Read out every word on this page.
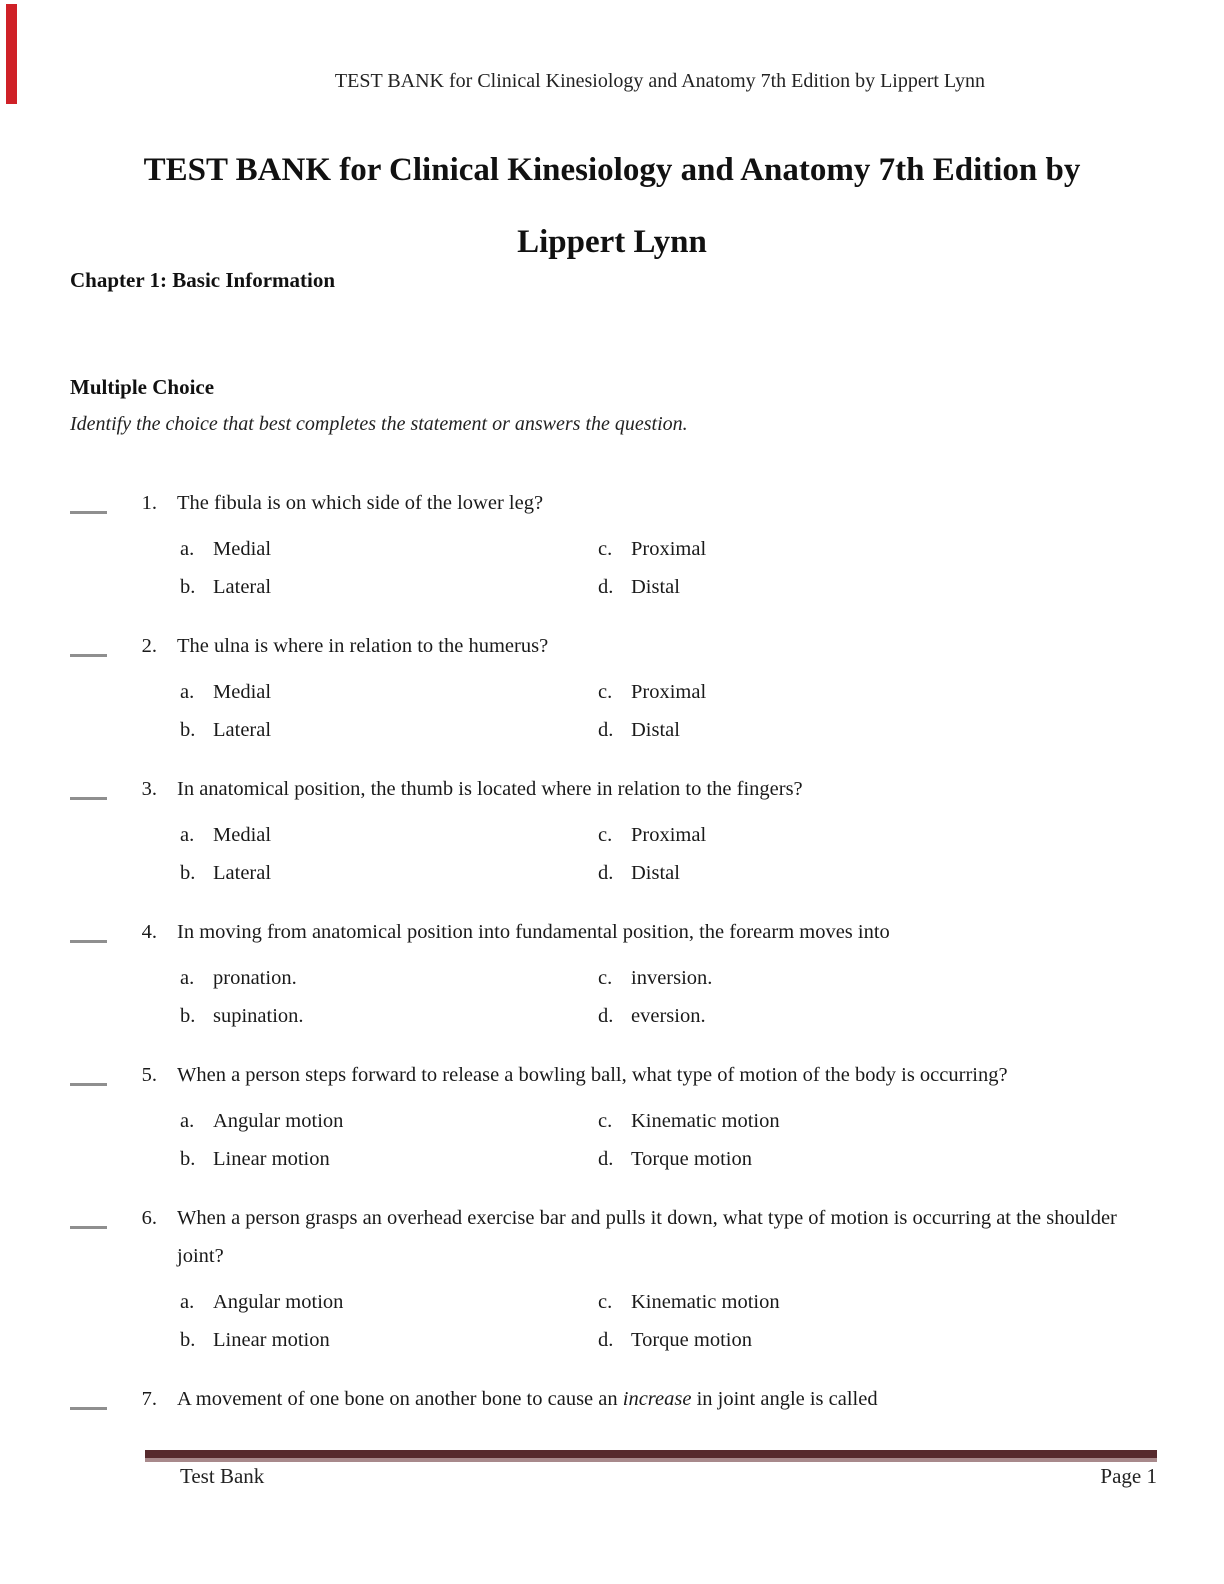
TEST BANK for Clinical Kinesiology and Anatomy 7th Edition by Lippert Lynn
TEST BANK for Clinical Kinesiology and Anatomy 7th Edition by
Lippert Lynn
Chapter 1: Basic Information
Multiple Choice
Identify the choice that best completes the statement or answers the question.
1. The fibula is on which side of the lower leg?
a. Medial	c. Proximal
b. Lateral	d. Distal
2. The ulna is where in relation to the humerus?
a. Medial	c. Proximal
b. Lateral	d. Distal
3. In anatomical position, the thumb is located where in relation to the fingers?
a. Medial	c. Proximal
b. Lateral	d. Distal
4. In moving from anatomical position into fundamental position, the forearm moves into
a. pronation.	c. inversion.
b. supination.	d. eversion.
5. When a person steps forward to release a bowling ball, what type of motion of the body is occurring?
a. Angular motion	c. Kinematic motion
b. Linear motion	d. Torque motion
6. When a person grasps an overhead exercise bar and pulls it down, what type of motion is occurring at the shoulder joint?
a. Angular motion	c. Kinematic motion
b. Linear motion	d. Torque motion
7. A movement of one bone on another bone to cause an increase in joint angle is called
Test Bank	Page 1
